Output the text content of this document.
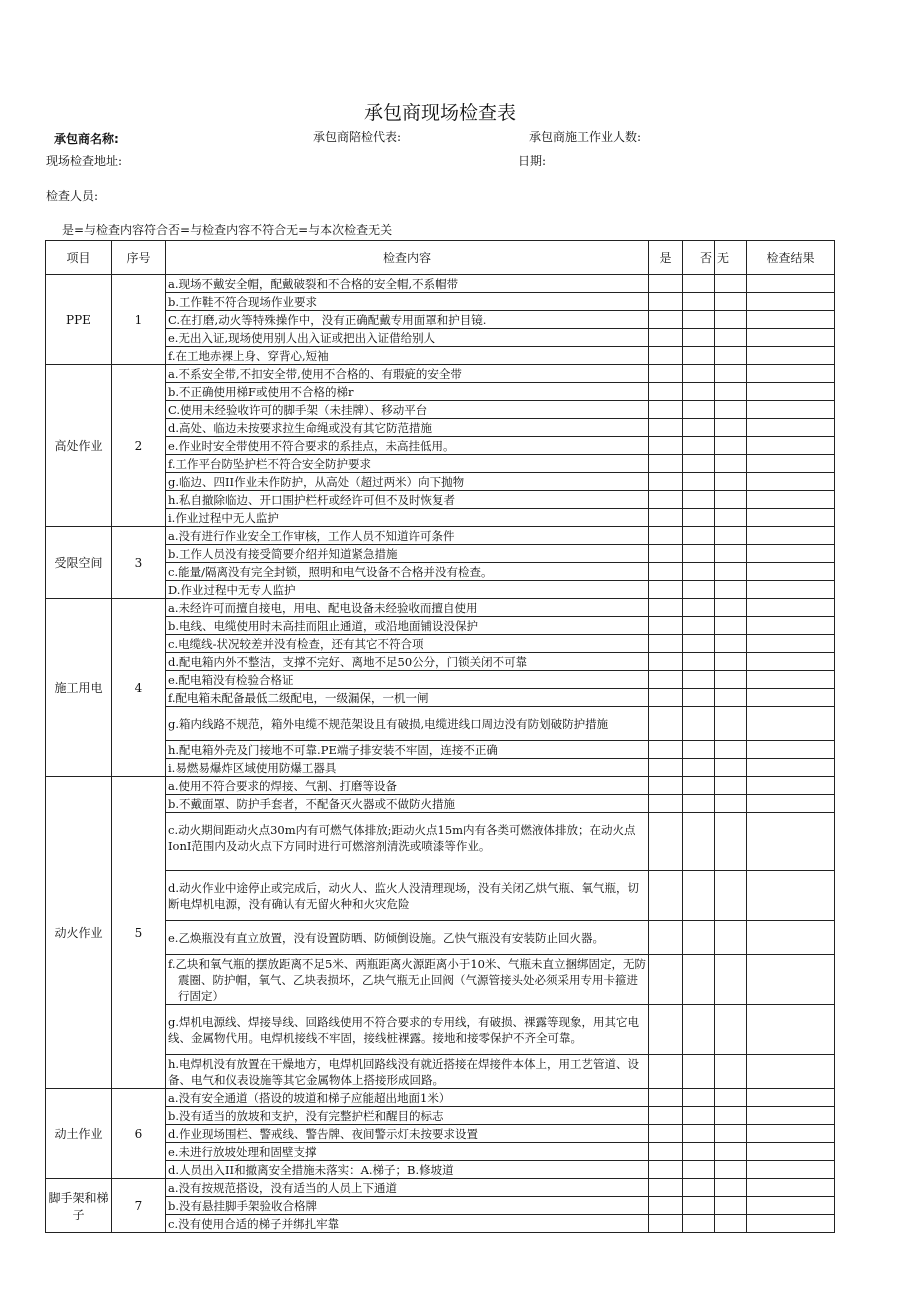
承包商现场检查表
承包商名称:	承包商陪检代表:	承包商施工作业人数:
现场检查地址:	日期:
检查人员:
是=与检查内容符合否=与检查内容不符合无=与本次检查无关
项目	序号	检查内容	是	否	无	检查结果
PPE	1	a.现场不戴安全帽，配戴破裂和不合格的安全帽,不系帽带				
		b.工作鞋不符合现场作业要求				
		C.在打磨,动火等特殊操作中，没有正确配戴专用面罩和护目镜.				
		e.无出入证,现场使用别人出入证或把出入证借给别人				
		f.在工地赤裸上身、穿背心,短袖				
高处作业	2	a.不系安全带,不扣安全带,使用不合格的、有瑕疵的安全带				
		b.不正确使用梯F或使用不合格的梯r				
		C.使用未经验收许可的脚手架（未挂牌）、移动平台				
		d.高处、临边未按要求拉生命绳或没有其它防范措施				
		e.作业时安全带使用不符合要求的系挂点，未高挂低用。				
		f.工作平台防坠护栏不符合安全防护要求				
		g.临边、四II作业未作防护，从高处（超过两米）向下抛物				
		h.私自撤除临边、开口围护栏杆或经许可但不及时恢复者				
		i.作业过程中无人监护				
受限空间	3	a.没有进行作业安全工作审核，工作人员不知道许可条件				
		b.工作人员没有接受简要介绍并知道紧急措施				
		c.能量/隔离没有完全封锁，照明和电气设备不合格并没有检查。				
		D.作业过程中无专人监护				
施工用电	4	a.未经许可而擅自接电，用电、配电设备未经验收而擅自使用				
		b.电线、电缆使用时未高挂而阻止通道，或沿地面铺设没保护				
		c.电缆线-状况较差并没有检查，还有其它不符合项				
		d.配电箱内外不整洁，支撑不完好、离地不足50公分，门锁关闭不可靠				
		e.配电箱没有检验合格证				
		f.配电箱未配备最低二级配电，一级漏保，一机一闸				
		g.箱内线路不规范，箱外电缆不规范架设且有破损,电缆进线口周边没有防划破防护措施				
		h.配电箱外壳及门接地不可靠.PE端子排安装不牢固，连接不正确				
		i.易燃易爆炸区域使用防爆工器具				
动火作业	5	a.使用不符合要求的焊接、气割、打磨等设备				
		b.不戴面罩、防护手套者，不配备灭火器或不做防火措施				
		c.动火期间距动火点30m内有可燃气体排放;距动火点15m内有各类可燃液体排放；在动火点IonI范围内及动火点下方同时进行可燃溶剂清洗或喷漆等作业。				
		d.动火作业中途停止或完成后，动火人、监火人没清理现场，没有关闭乙烘气瓶、氧气瓶，切断电焊机电源，没有确认有无留火种和火灾危险				
		e.乙焕瓶没有直立放置，没有设置防晒、防倾倒设施。乙快气瓶没有安装防止回火器。				

		f.乙块和氧气瓶的摆放距离不足5米、两瓶距离火源距离小于10米、气瓶未直立捆绑固定，无防震圈、防护帽，氧气、乙块表损坏，乙块气瓶无止回阀（气源管接头处必须采用专用卡箍进行固定）				

		g.焊机电源线、焊接导线、回路线使用不符合要求的专用线，有破损、裸露等现象，用其它电线、金属物代用。电焊机接线不牢固，接线桩裸露。接地和接零保护不齐全可靠。				
		h.电焊机没有放置在干燥地方，电焊机回路线没有就近搭接在焊接件本体上，用工艺管道、设备、电气和仪表设施等其它金属物体上搭接形成回路。				
动土作业	6	a.没有安全通道（搭设的坡道和梯子应能超出地面1米）				
		b.没有适当的放坡和支护，没有完整护栏和醒目的标志				
		d.作业现场围栏、警戒线、警告牌、夜间警示灯未按要求设置				
		e.未进行放坡处理和固壁支撑				
		d.人员出入II和撤离安全措施未落实：A.梯子；B.修坡道				
脚手架和梯子	7	a.没有按规范搭设，没有适当的人员上下通道				
		b.没有悬挂脚手架验收合格牌				
		c.没有使用合适的梯子并绑扎牢靠				
